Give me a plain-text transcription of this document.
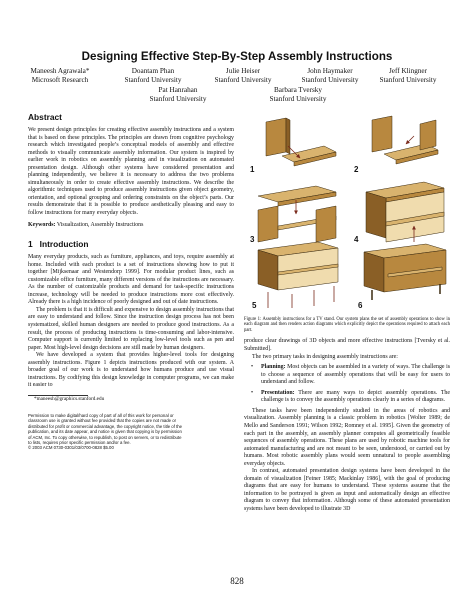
Designing Effective Step-By-Step Assembly Instructions
Maneesh Agrawala*
Microsoft Research
Doantam Phan
Stanford University
Julie Heiser
Stanford University
John Haymaker
Stanford University
Jeff Klingner
Stanford University
Pat Hanrahan
Stanford University
Barbara Tversky
Stanford University
Abstract

We present design principles for creating effective assembly instructions and a system that is based on these principles. The principles are drawn from cognitive psychology research which investigated people’s conceptual models of assembly and effective methods to visually communicate assembly information. Our system is inspired by earlier work in robotics on assembly planning and in visualization on automated presentation design. Although other systems have considered presentation and planning independently, we believe it is necessary to address the two problems simultaneously in order to create effective assembly instructions. We describe the algorithmic techniques used to produce assembly instructions given object geometry, orientation, and optional grouping and ordering constraints on the object’s parts. Our results demonstrate that it is possible to produce aesthetically pleasing and easy to follow instructions for many everyday objects.

Keywords: Visualization, Assembly Instructions

1 Introduction

Many everyday products, such as furniture, appliances, and toys, require assembly at home. Included with each product is a set of instructions showing how to put it together [Mijksenaar and Westendorp 1999]. For modular product lines, such as customizable office furniture, many different versions of the instructions are necessary. As the number of customizable products and demand for task-specific instructions increase, technology will be needed to produce instructions more cost effectively. Already there is a high incidence of poorly designed and out of date instructions.

The problem is that it is difficult and expensive to design assembly instructions that are easy to understand and follow. Since the instruction design process has not been systematized, skilled human designers are needed to produce good instructions. As a result, the process of producing instructions is time-consuming and labor-intensive. Computer support is currently limited to replacing low-level tools such as pen and paper. Most high-level design decisions are still made by human designers.

We have developed a system that provides higher-level tools for designing assembly instructions. Figure 1 depicts instructions produced with our system. A broader goal of our work is to understand how humans produce and use visual instructions. By codifying this design knowledge in computer programs, we can make it easier to

*maneesh@graphics.stanford.edu
Permission to make digital/hard copy of part of all of this work for personal or
classroom use is granted without fee provided that the copies are not made or
distributed for profit or commercial advantage, the copyright notice, the title of the
publication, and its date appear, and notice is given that copying is by permission
of ACM, Inc. To copy otherwise, to republish, to post on servers, or to redistribute
to lists, requires prior specific permission and/or a fee.
© 2003 ACM 0730-0301/03/0700-0828 $5.00
1	2
3	4
5	6

Figure 1: Assembly instructions for a TV stand. Our system plans the set of assembly operations to show in each diagram and then renders action diagrams which explicitly depict the operations required to attach each part.

produce clear drawings of 3D objects and more effective instructions [Tversky et al. Submitted].

The two primary tasks in designing assembly instructions are:

• Planning: Most objects can be assembled in a variety of ways. The challenge is to choose a sequence of assembly operations that will be easy for users to understand and follow.
• Presentation: There are many ways to depict assembly operations. The challenge is to convey the assembly operations clearly in a series of diagrams.

These tasks have been independently studied in the areas of robotics and visualization. Assembly planning is a classic problem in robotics [Wolter 1989; de Mello and Sanderson 1991; Wilson 1992; Romney et al. 1995]. Given the geometry of each part in the assembly, an assembly planner computes all geometrically feasible sequences of assembly operations. These plans are used by robotic machine tools for automated manufacturing and are not meant to be seen, understood, or carried out by humans. Most robotic assembly plans would seem unnatural to people assembling everyday objects.

In contrast, automated presentation design systems have been developed in the domain of visualization [Feiner 1985; Mackinlay 1986], with the goal of producing diagrams that are easy for humans to understand. These systems assume that the information to be portrayed is given as input and automatically design an effective diagram to convey that information. Although some of these automated presentation systems have been developed to illustrate 3D

828
